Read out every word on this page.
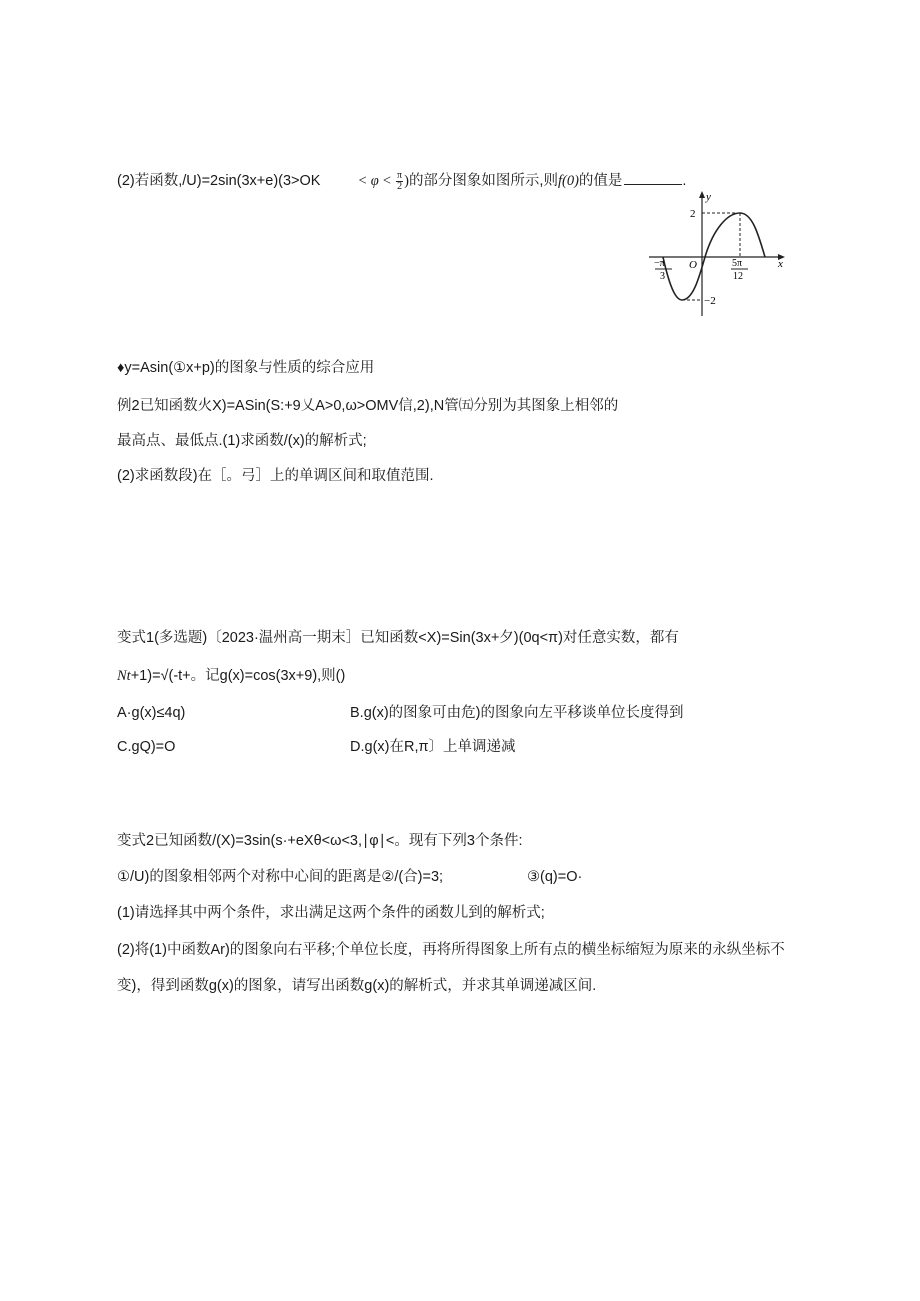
(2)若函数,/U)=2sin(3x+e)(3>OK	< $\varphi < \frac{\pi}{2}$ )的部分图象如图所示,则f(0)的值是	.
y
x
O
2
−2
−π
3
5π
12
♦y=Asin(①x+p)的图象与性质的综合应用
例2已知函数火X)=ASin(S:+9乂A>0,ω>OMV信,2),N管㈤分别为其图象上相邻的
最高点、最低点.(1)求函数/(x)的解析式;
(2)求函数段)在［。弓］上的单调区间和取值范围.
变式1(多选题)〔2023·温州高一期末］已知函数<X)=Sin(3x+夕)(0q<π)对任意实数，都有
Nt+1)=√(-t+。记g(x)=cos(3x+9),则()
A·g(x)≤4q)	B.g(x)的图象可由危)的图象向左平移谈单位长度得到
C.gQ)=O	D.g(x)在R,π〕上单调递减
变式2已知函数/(X)=3sin(s·+eXθ<ω<3,∣φ∣<。现有下列3个条件:
①/U)的图象相邻两个对称中心间的距离是②/(合)=3;	③(q)=O·
(1)请选择其中两个条件，求出满足这两个条件的函数儿到的解析式;
(2)将(1)中函数Ar)的图象向右平移;个单位长度，再将所得图象上所有点的横坐标缩短为原来的永纵坐标不
变)，得到函数g(x)的图象，请写出函数g(x)的解析式，并求其单调递减区间.
